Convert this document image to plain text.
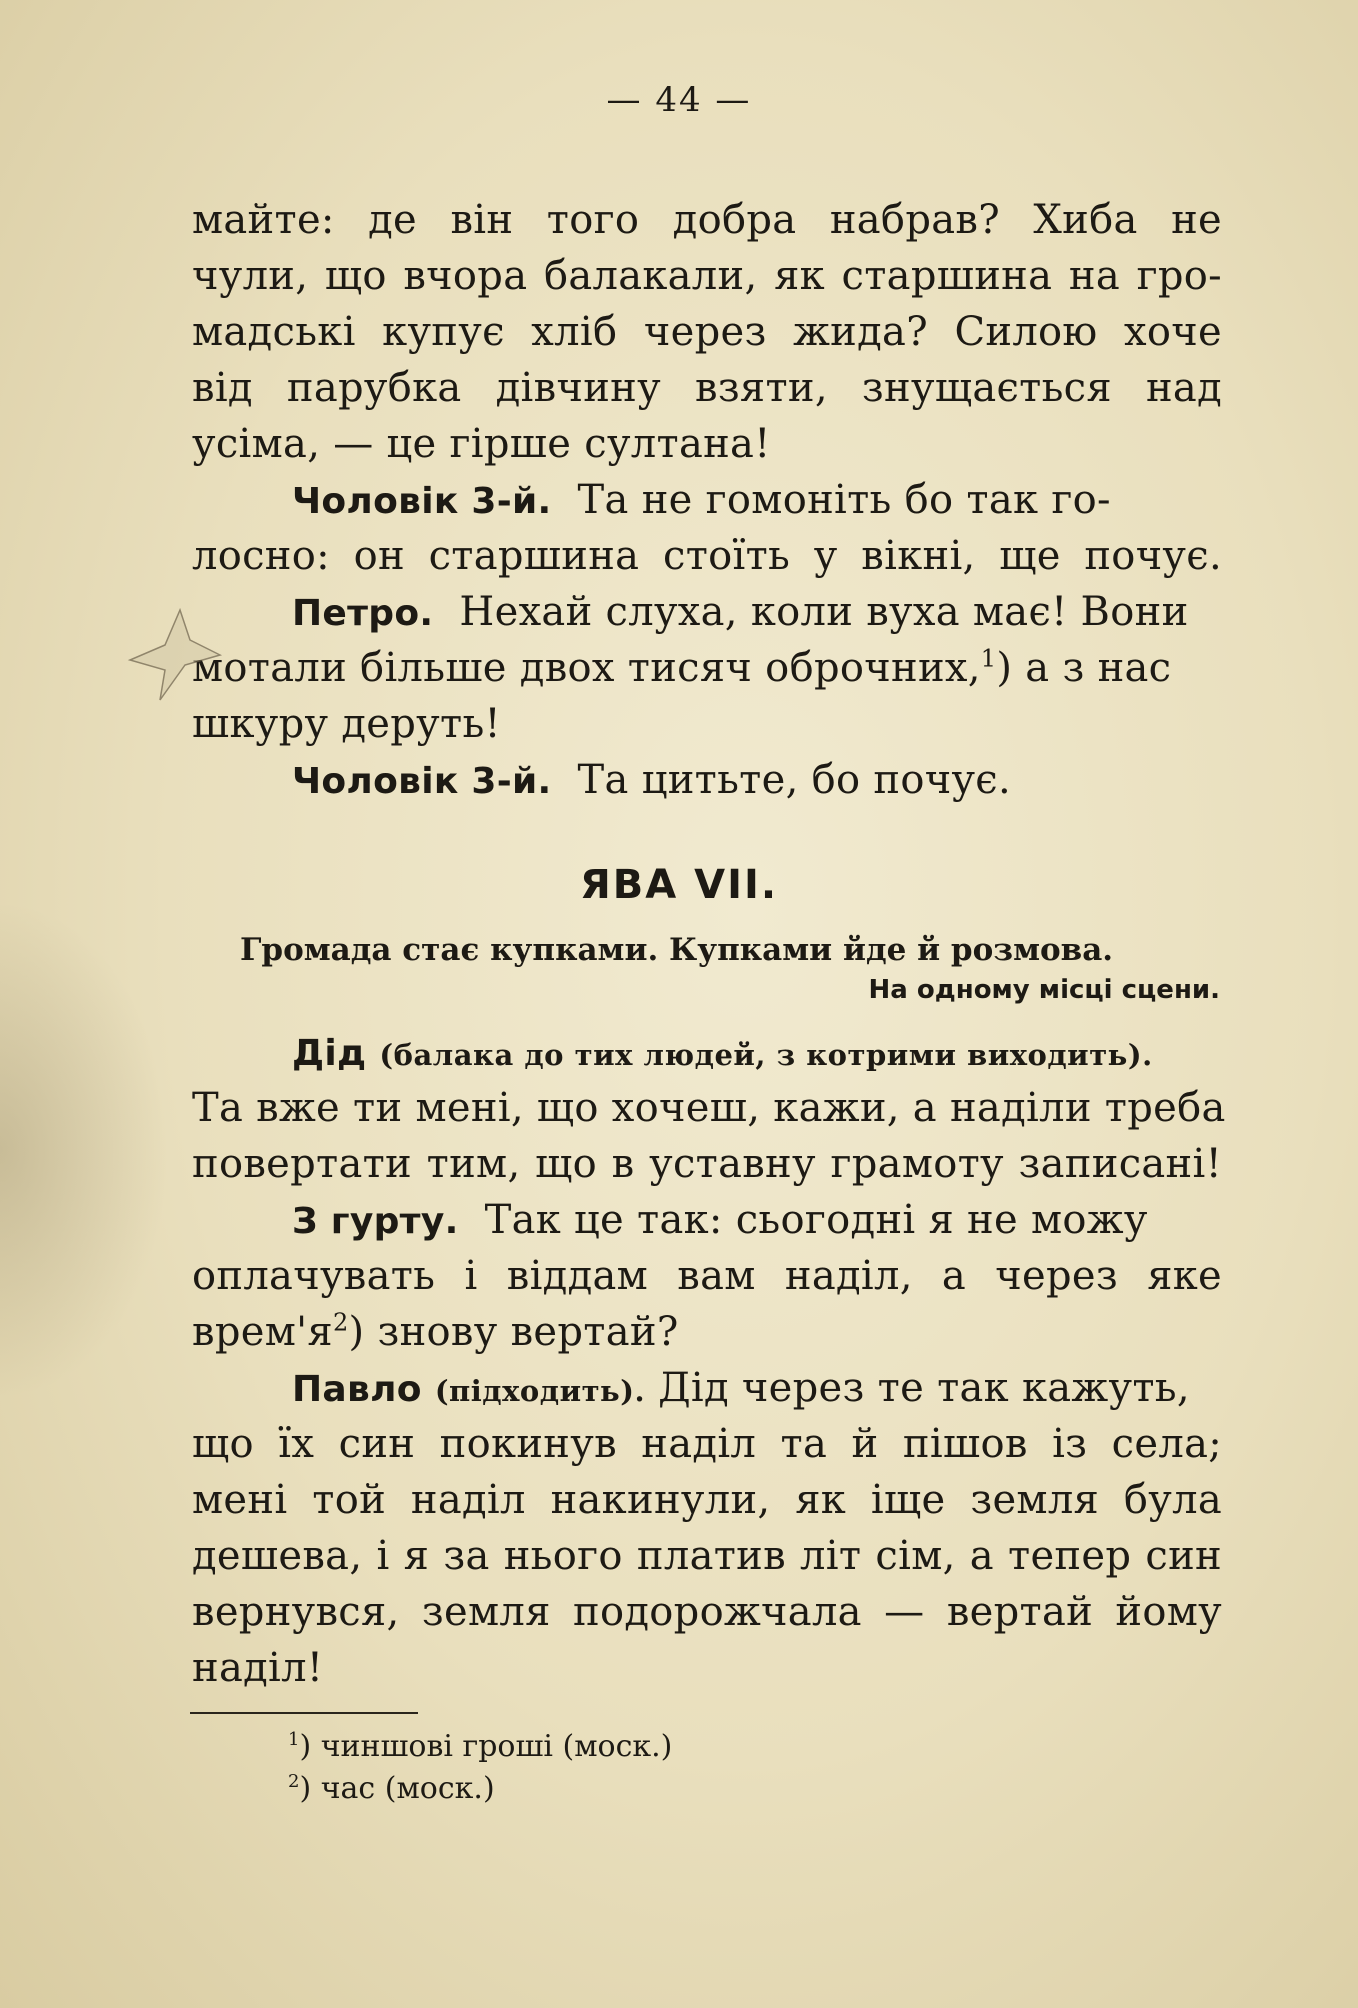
— 44 —
майте: де він того добра набрав? Хиба не
чули, що вчора балакали, як старшина на гро-
мадські купує хліб через жида? Силою хоче
від парубка дівчину взяти, знущається над
усіма, — це гірше султана!
Чоловік 3-й. Та не гомоніть бо так го-
лосно: он старшина стоїть у вікні, ще почує.
Петро. Нехай слуха, коли вуха має! Вони
мотали більше двох тисяч оброчних,$^1$) а з нас
шкуру деруть!
Чоловік 3-й. Та цитьте, бо почує.
ЯВА VII.
Громада стає купками. Купками йде й розмова.
На одному місці сцени.
Дід (балака до тих людей, з котрими виходить).
Та вже ти мені, що хочеш, кажи, а наділи треба
повертати тим, що в уставну грамоту записані!
З гурту. Так це так: сьогодні я не можу
оплачувать і віддам вам наділ, а через яке
$врем'я^2$) знову вертай?
Павло (підходить). Дід через те так кажуть,
що їх син покинув наділ та й пішов із села;
мені той наділ накинули, як іще земля була
дешева, і я за нього платив літ сім, а тепер син
вернувся, земля подорожчала — вертай йому
наділ!
$^1$) чиншові гроші (моск.)
$^2$) час (моск.)
